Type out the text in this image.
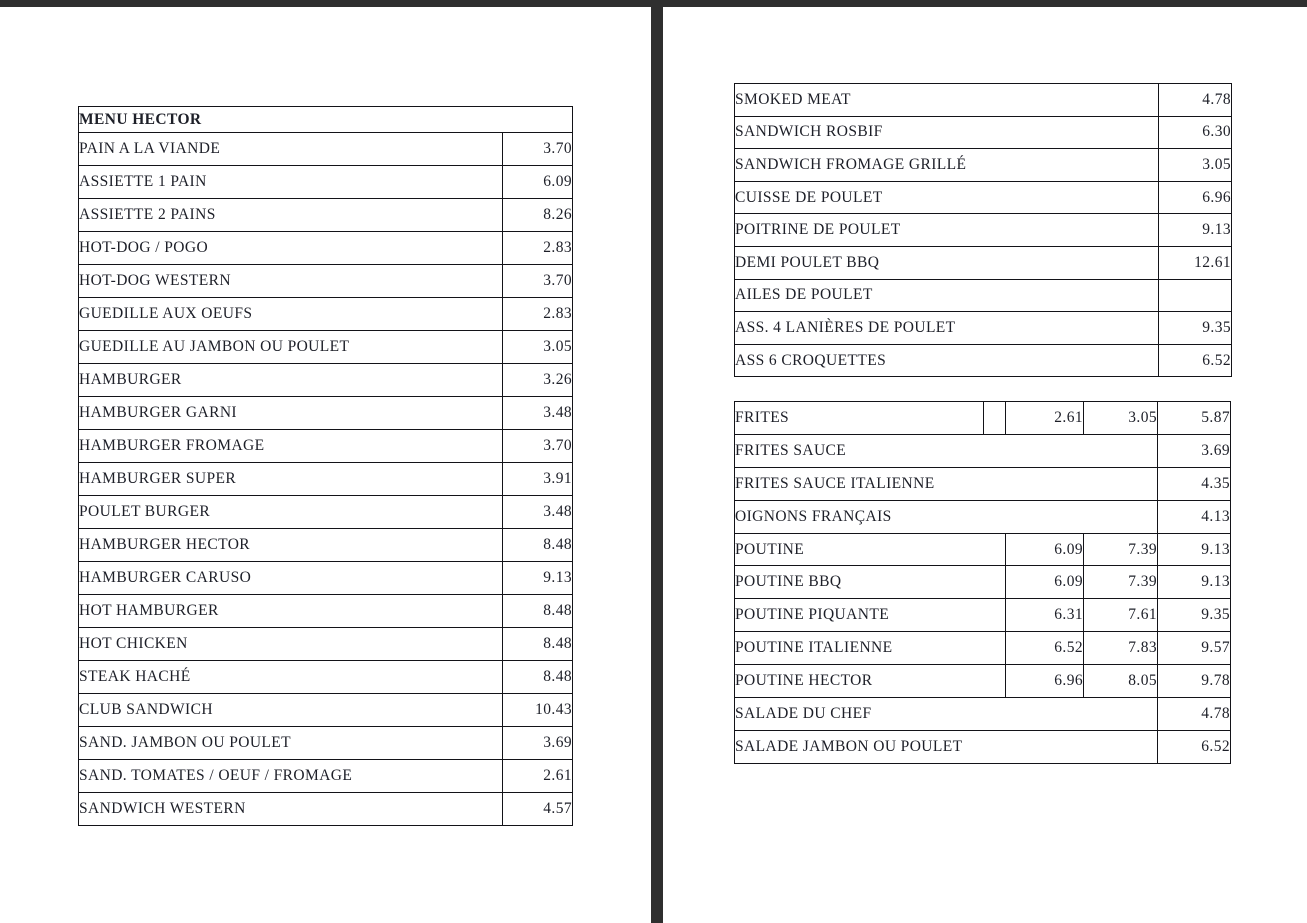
MENU HECTOR	
PAIN A LA VIANDE	3.70
ASSIETTE 1 PAIN	6.09
ASSIETTE 2 PAINS	8.26
HOT-DOG / POGO	2.83
HOT-DOG WESTERN	3.70
GUEDILLE AUX OEUFS	2.83
GUEDILLE AU JAMBON OU POULET	3.05
HAMBURGER	3.26
HAMBURGER GARNI	3.48
HAMBURGER FROMAGE	3.70
HAMBURGER SUPER	3.91
POULET BURGER	3.48
HAMBURGER HECTOR	8.48
HAMBURGER CARUSO	9.13
HOT HAMBURGER	8.48
HOT CHICKEN	8.48
STEAK HACHÉ	8.48
CLUB SANDWICH	10.43
SAND. JAMBON OU POULET	3.69
SAND. TOMATES / OEUF / FROMAGE	2.61
SANDWICH WESTERN	4.57
SMOKED MEAT	4.78
SANDWICH ROSBIF	6.30
SANDWICH FROMAGE GRILLÉ	3.05
CUISSE DE POULET	6.96
POITRINE DE POULET	9.13
DEMI POULET BBQ	12.61
AILES DE POULET	
ASS. 4 LANIÈRES DE POULET	9.35
ASS 6 CROQUETTES	6.52
FRITES		2.61	3.05	5.87
FRITES SAUCE				3.69
FRITES SAUCE ITALIENNE				4.35
OIGNONS FRANÇAIS				4.13
POUTINE		6.09	7.39	9.13
POUTINE BBQ		6.09	7.39	9.13
POUTINE PIQUANTE		6.31	7.61	9.35
POUTINE ITALIENNE		6.52	7.83	9.57
POUTINE HECTOR		6.96	8.05	9.78
SALADE DU CHEF				4.78
SALADE JAMBON OU POULET				6.52
